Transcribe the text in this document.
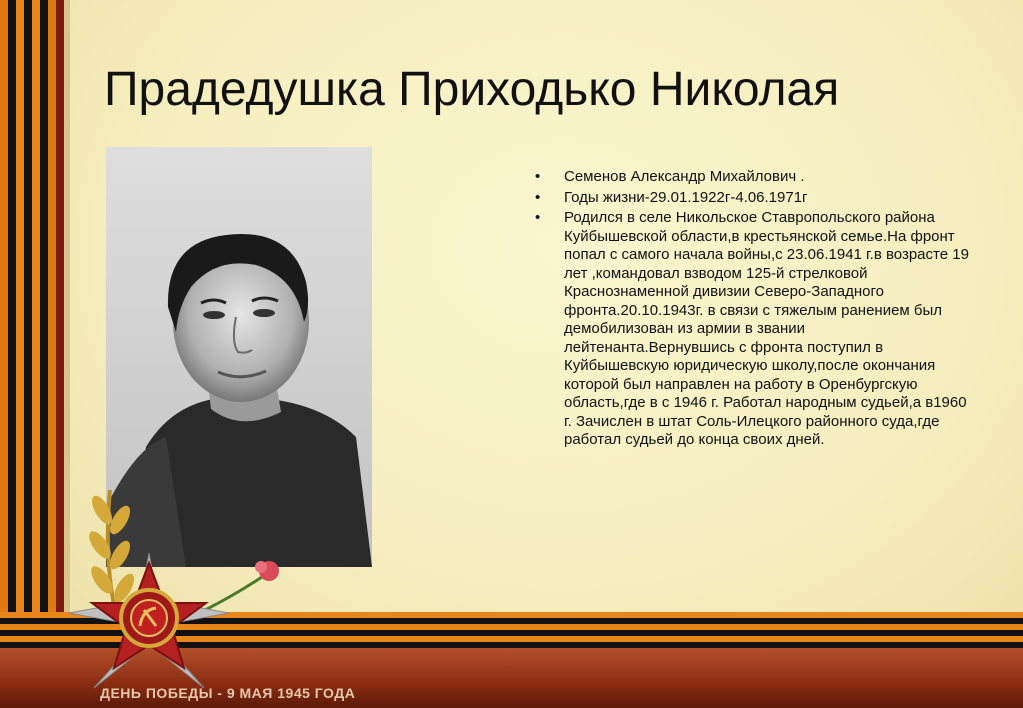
Прадедушка Приходько Николая
•	Семенов Александр Михайлович .
•	Годы жизни-29.01.1922г-4.06.1971г
•	Родился в селе Никольское Ставропольского района Куйбышевской области,в крестьянской семье.На фронт попал с самого начала войны,с 23.06.1941 г.в возрасте 19 лет ,командовал взводом 125-й стрелковой Краснознаменной дивизии Северо-Западного фронта.20.10.1943г. в связи с тяжелым ранением был демобилизован из армии в звании лейтенанта.Вернувшись с фронта поступил в Куйбышевскую юридическую школу,после окончания которой был направлен на работу в Оренбургскую область,где в с 1946 г. Работал народным судьей,а в1960 г. Зачислен в штат Соль-Илецкого районного суда,где работал судьей до конца своих дней.
ДЕНЬ ПОБЕДЫ - 9 МАЯ 1945 ГОДА
